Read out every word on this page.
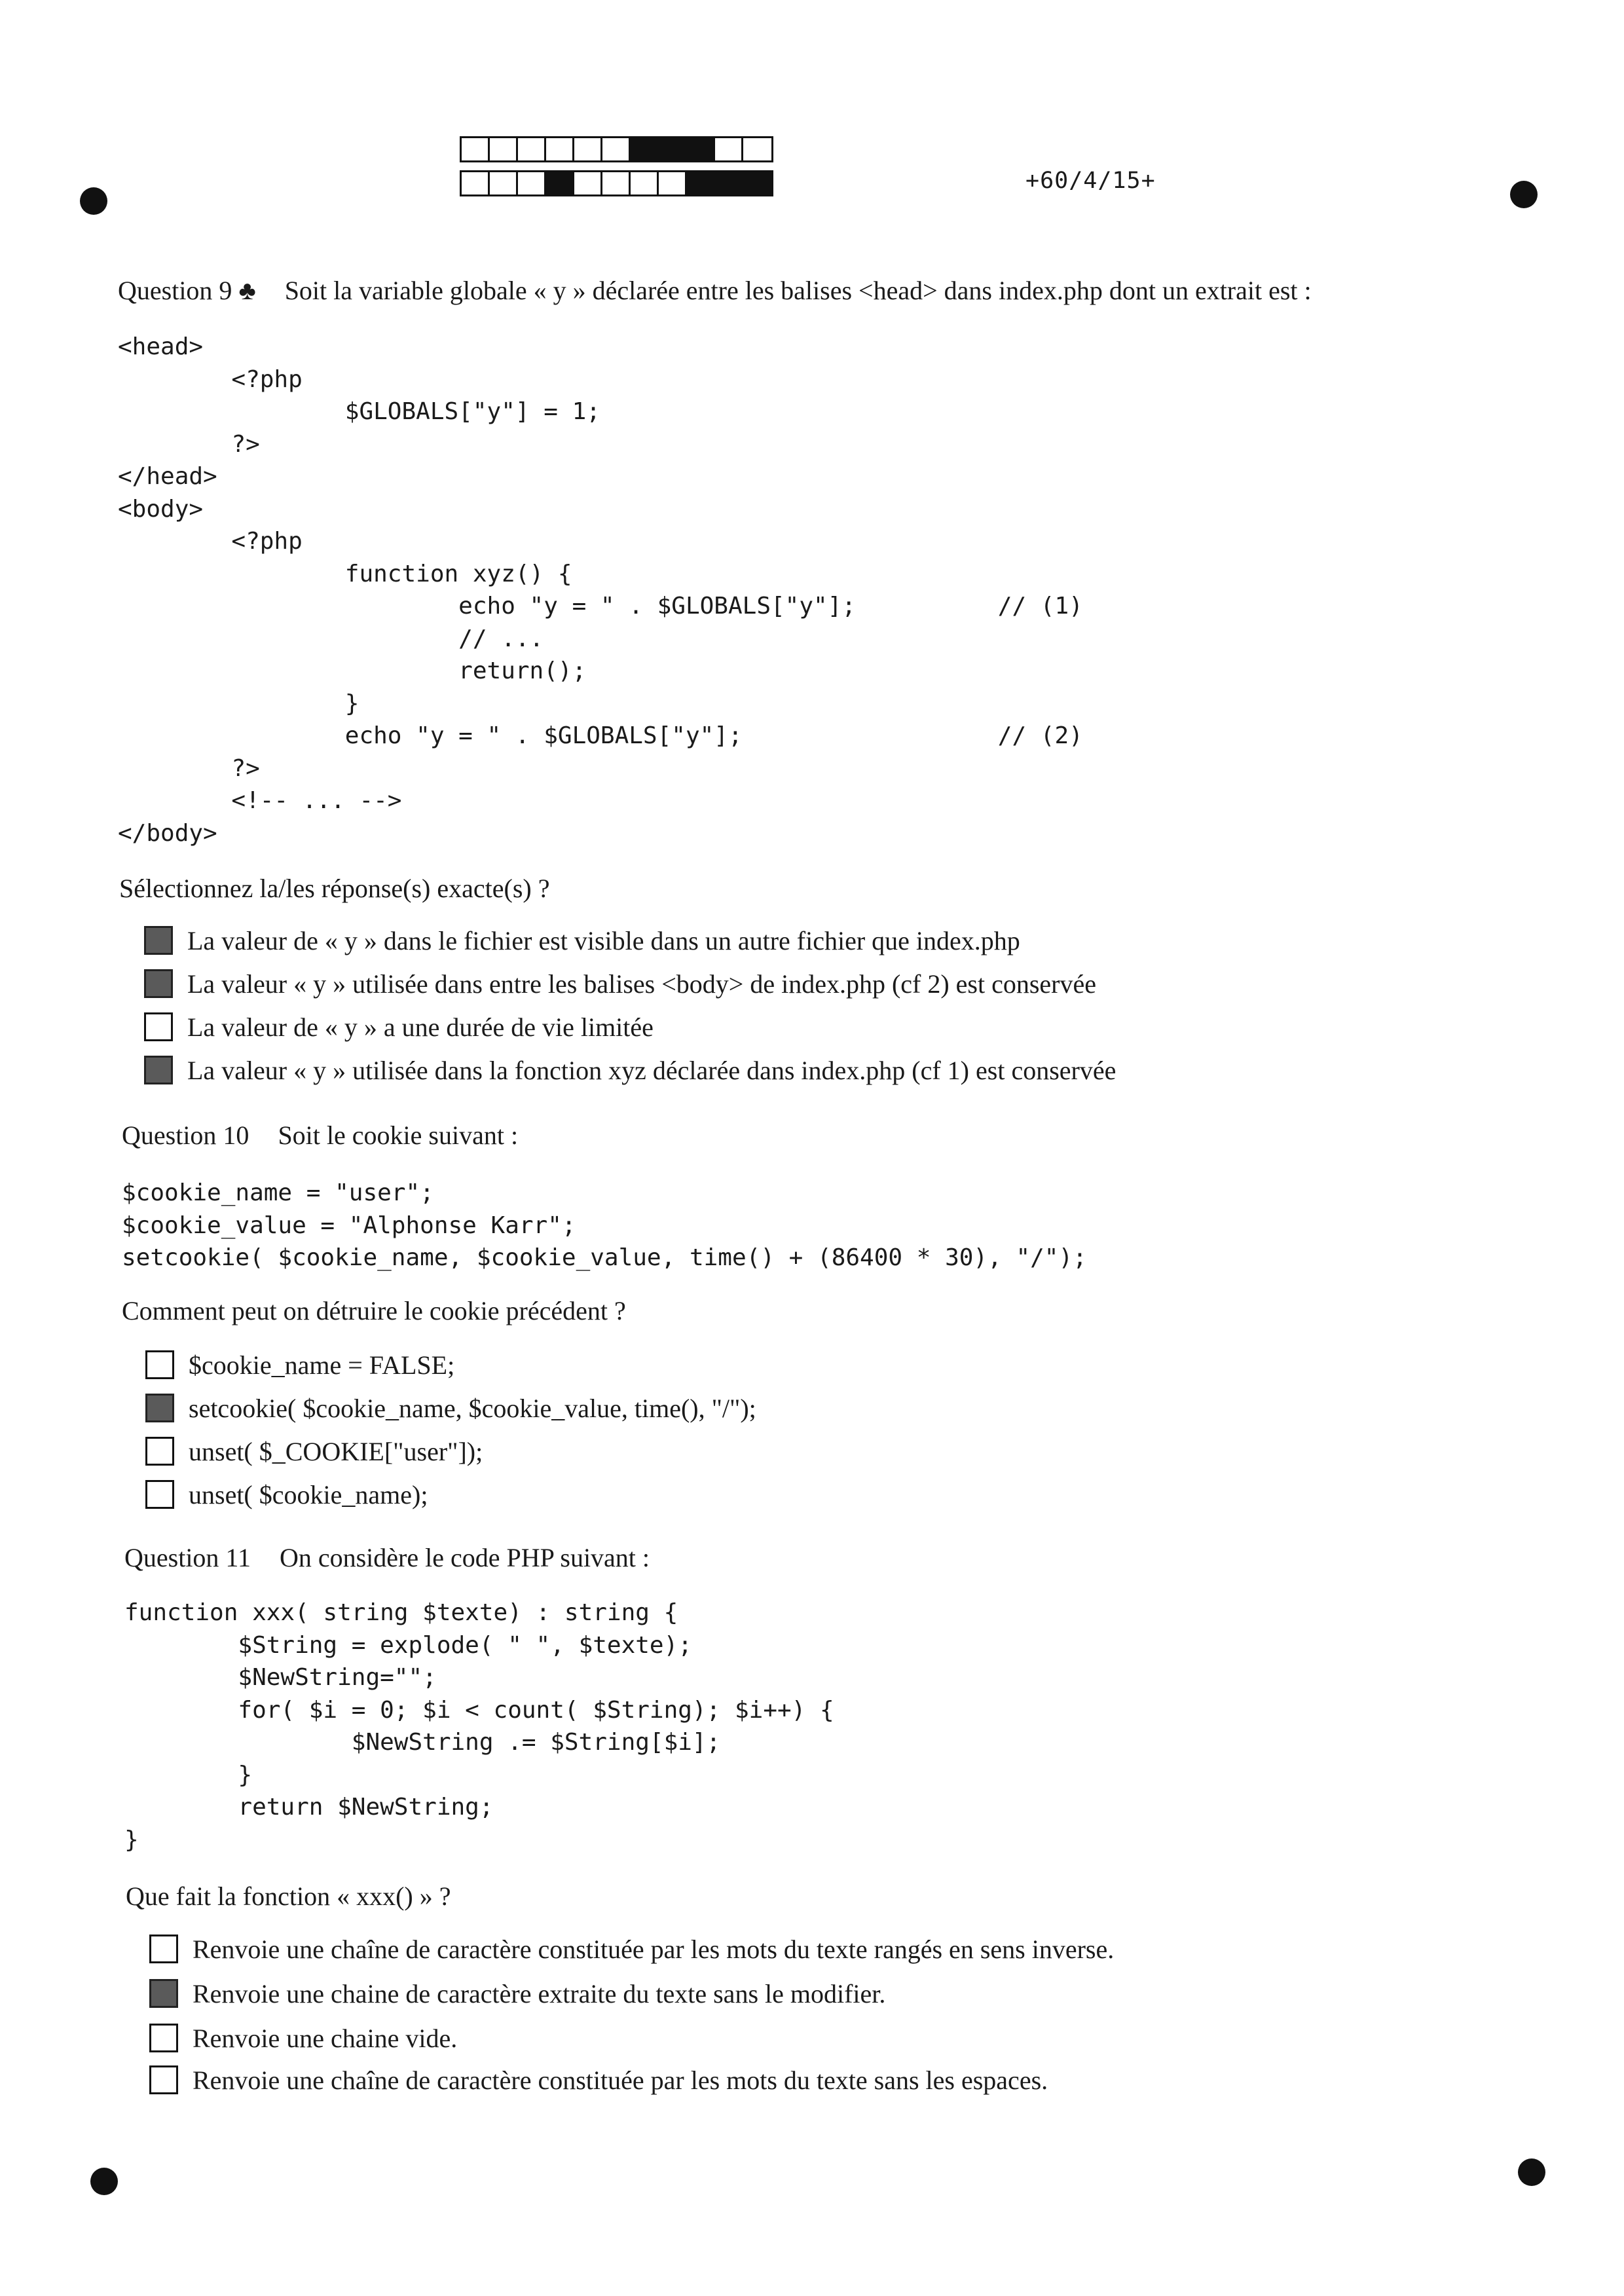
+60/4/15+
Question 9 ♣ Soit la variable globale « y » déclarée entre les balises <head> dans index.php dont un extrait est :
<head>
<?php
$GLOBALS["y"] = 1;
?>
</head>
<body>
<?php
function xyz() {
echo "y = " . $GLOBALS["y"];          // (1)
// ...
return();
}
echo "y = " . $GLOBALS["y"];                  // (2)
?>
<!-- ... -->
</body>
Sélectionnez la/les réponse(s) exacte(s) ?
La valeur de « y » dans le fichier est visible dans un autre fichier que index.php
La valeur « y » utilisée dans entre les balises <body> de index.php (cf 2) est conservée
La valeur de « y » a une durée de vie limitée
La valeur « y » utilisée dans la fonction xyz déclarée dans index.php (cf 1) est conservée
Question 10 Soit le cookie suivant :
$cookie_name = "user";
$cookie_value = "Alphonse Karr";
setcookie( $cookie_name, $cookie_value, time() + (86400 * 30), "/");
Comment peut on détruire le cookie précédent ?
$cookie_name = FALSE;
setcookie( $cookie_name, $cookie_value, time(), "/");
unset( $_COOKIE["user"]);
unset( $cookie_name);
Question 11 On considère le code PHP suivant :
function xxx( string $texte) : string {
$String = explode( " ", $texte);
$NewString="";
for( $i = 0; $i < count( $String); $i++) {
$NewString .= $String[$i];
}
return $NewString;
}
Que fait la fonction « xxx() » ?
Renvoie une chaîne de caractère constituée par les mots du texte rangés en sens inverse.
Renvoie une chaine de caractère extraite du texte sans le modifier.
Renvoie une chaine vide.
Renvoie une chaîne de caractère constituée par les mots du texte sans les espaces.
